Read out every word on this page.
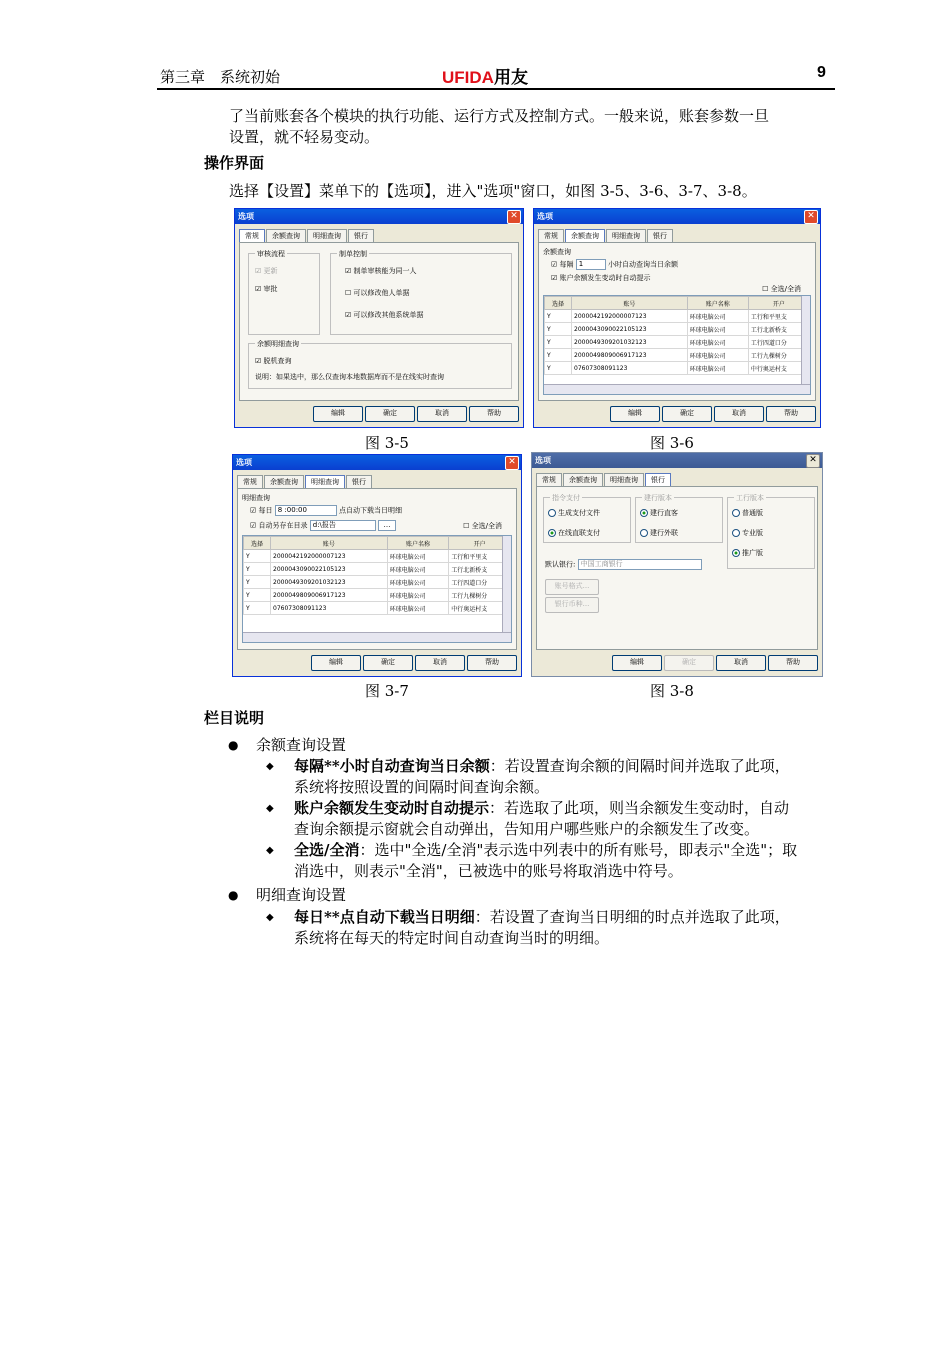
第三章　系统初始	UFIDA用友	9
了当前账套各个模块的执行功能、运行方式及控制方式。一般来说，账套参数一旦
设置，就不轻易变动。
操作界面
选择【设置】菜单下的【选项】，进入"选项"窗口，如图 3-5、3-6、3-7、3-8。
选项	✕
常规	余额查询	明细查询	银行
审核流程
☑ 更新
☑ 审批
制单控制
☑ 制单审核能为同一人
☐ 可以修改他人单据
☑ 可以修改其他系统单据
余额明细查询
☑ 脱机查询
说明：如果选中，那么仅查询本地数据库而不是在线实时查询
编辑	确定	取消	帮助
图 3-5
选项	✕
常规	余额查询	明细查询	银行
余额查询
☑ 每隔 1	小时自动查询当日余额
☑ 账户余额发生变动时自动提示
☐ 全选/全消
选择	账号	账户名称	开户
Y	2000042192000007123	环球电脑公司	工行和平里支
Y	2000043090022105123	环球电脑公司	工行北新桥支
Y	2000049309201032123	环球电脑公司	工行四道口分
Y	2000049809006917123	环球电脑公司	工行九棵树分
Y	07607308091123	环球电脑公司	中行奥运村支
编辑	确定	取消	帮助
图 3-6
选项	✕
常规	余额查询	明细查询	银行
明细查询
☑ 每日 8 :00:00	点自动下载当日明细
☑ 自动另存在目录 d:\报告	…	☐ 全选/全消
选择	账号	账户名称	开户
Y	2000042192000007123	环球电脑公司	工行和平里支
Y	2000043090022105123	环球电脑公司	工行北新桥支
Y	2000049309201032123	环球电脑公司	工行四道口分
Y	2000049809006917123	环球电脑公司	工行九棵树分
Y	07607308091123	环球电脑公司	中行奥运村支
编辑	确定	取消	帮助
图 3-7
选项	✕
常规	余额查询	明细查询	银行
指令支付
生成支付文件
在线直联支付
建行版本
建行直客
建行外联
工行版本
普通版
专业版
推广版
默认银行: 中国工商银行
账号格式...
银行币种...
编辑	确定	取消	帮助
图 3-8
栏目说明
● 余额查询设置
◆ 每隔**小时自动查询当日余额：若设置查询余额的间隔时间并选取了此项，
系统将按照设置的间隔时间查询余额。
◆ 账户余额发生变动时自动提示：若选取了此项，则当余额发生变动时，自动
查询余额提示窗就会自动弹出，告知用户哪些账户的余额发生了改变。
◆ 全选/全消：选中"全选/全消"表示选中列表中的所有账号，即表示"全选"；取
消选中，则表示"全消"，已被选中的账号将取消选中符号。
● 明细查询设置
◆ 每日**点自动下载当日明细：若设置了查询当日明细的时点并选取了此项，
系统将在每天的特定时间自动查询当时的明细。
